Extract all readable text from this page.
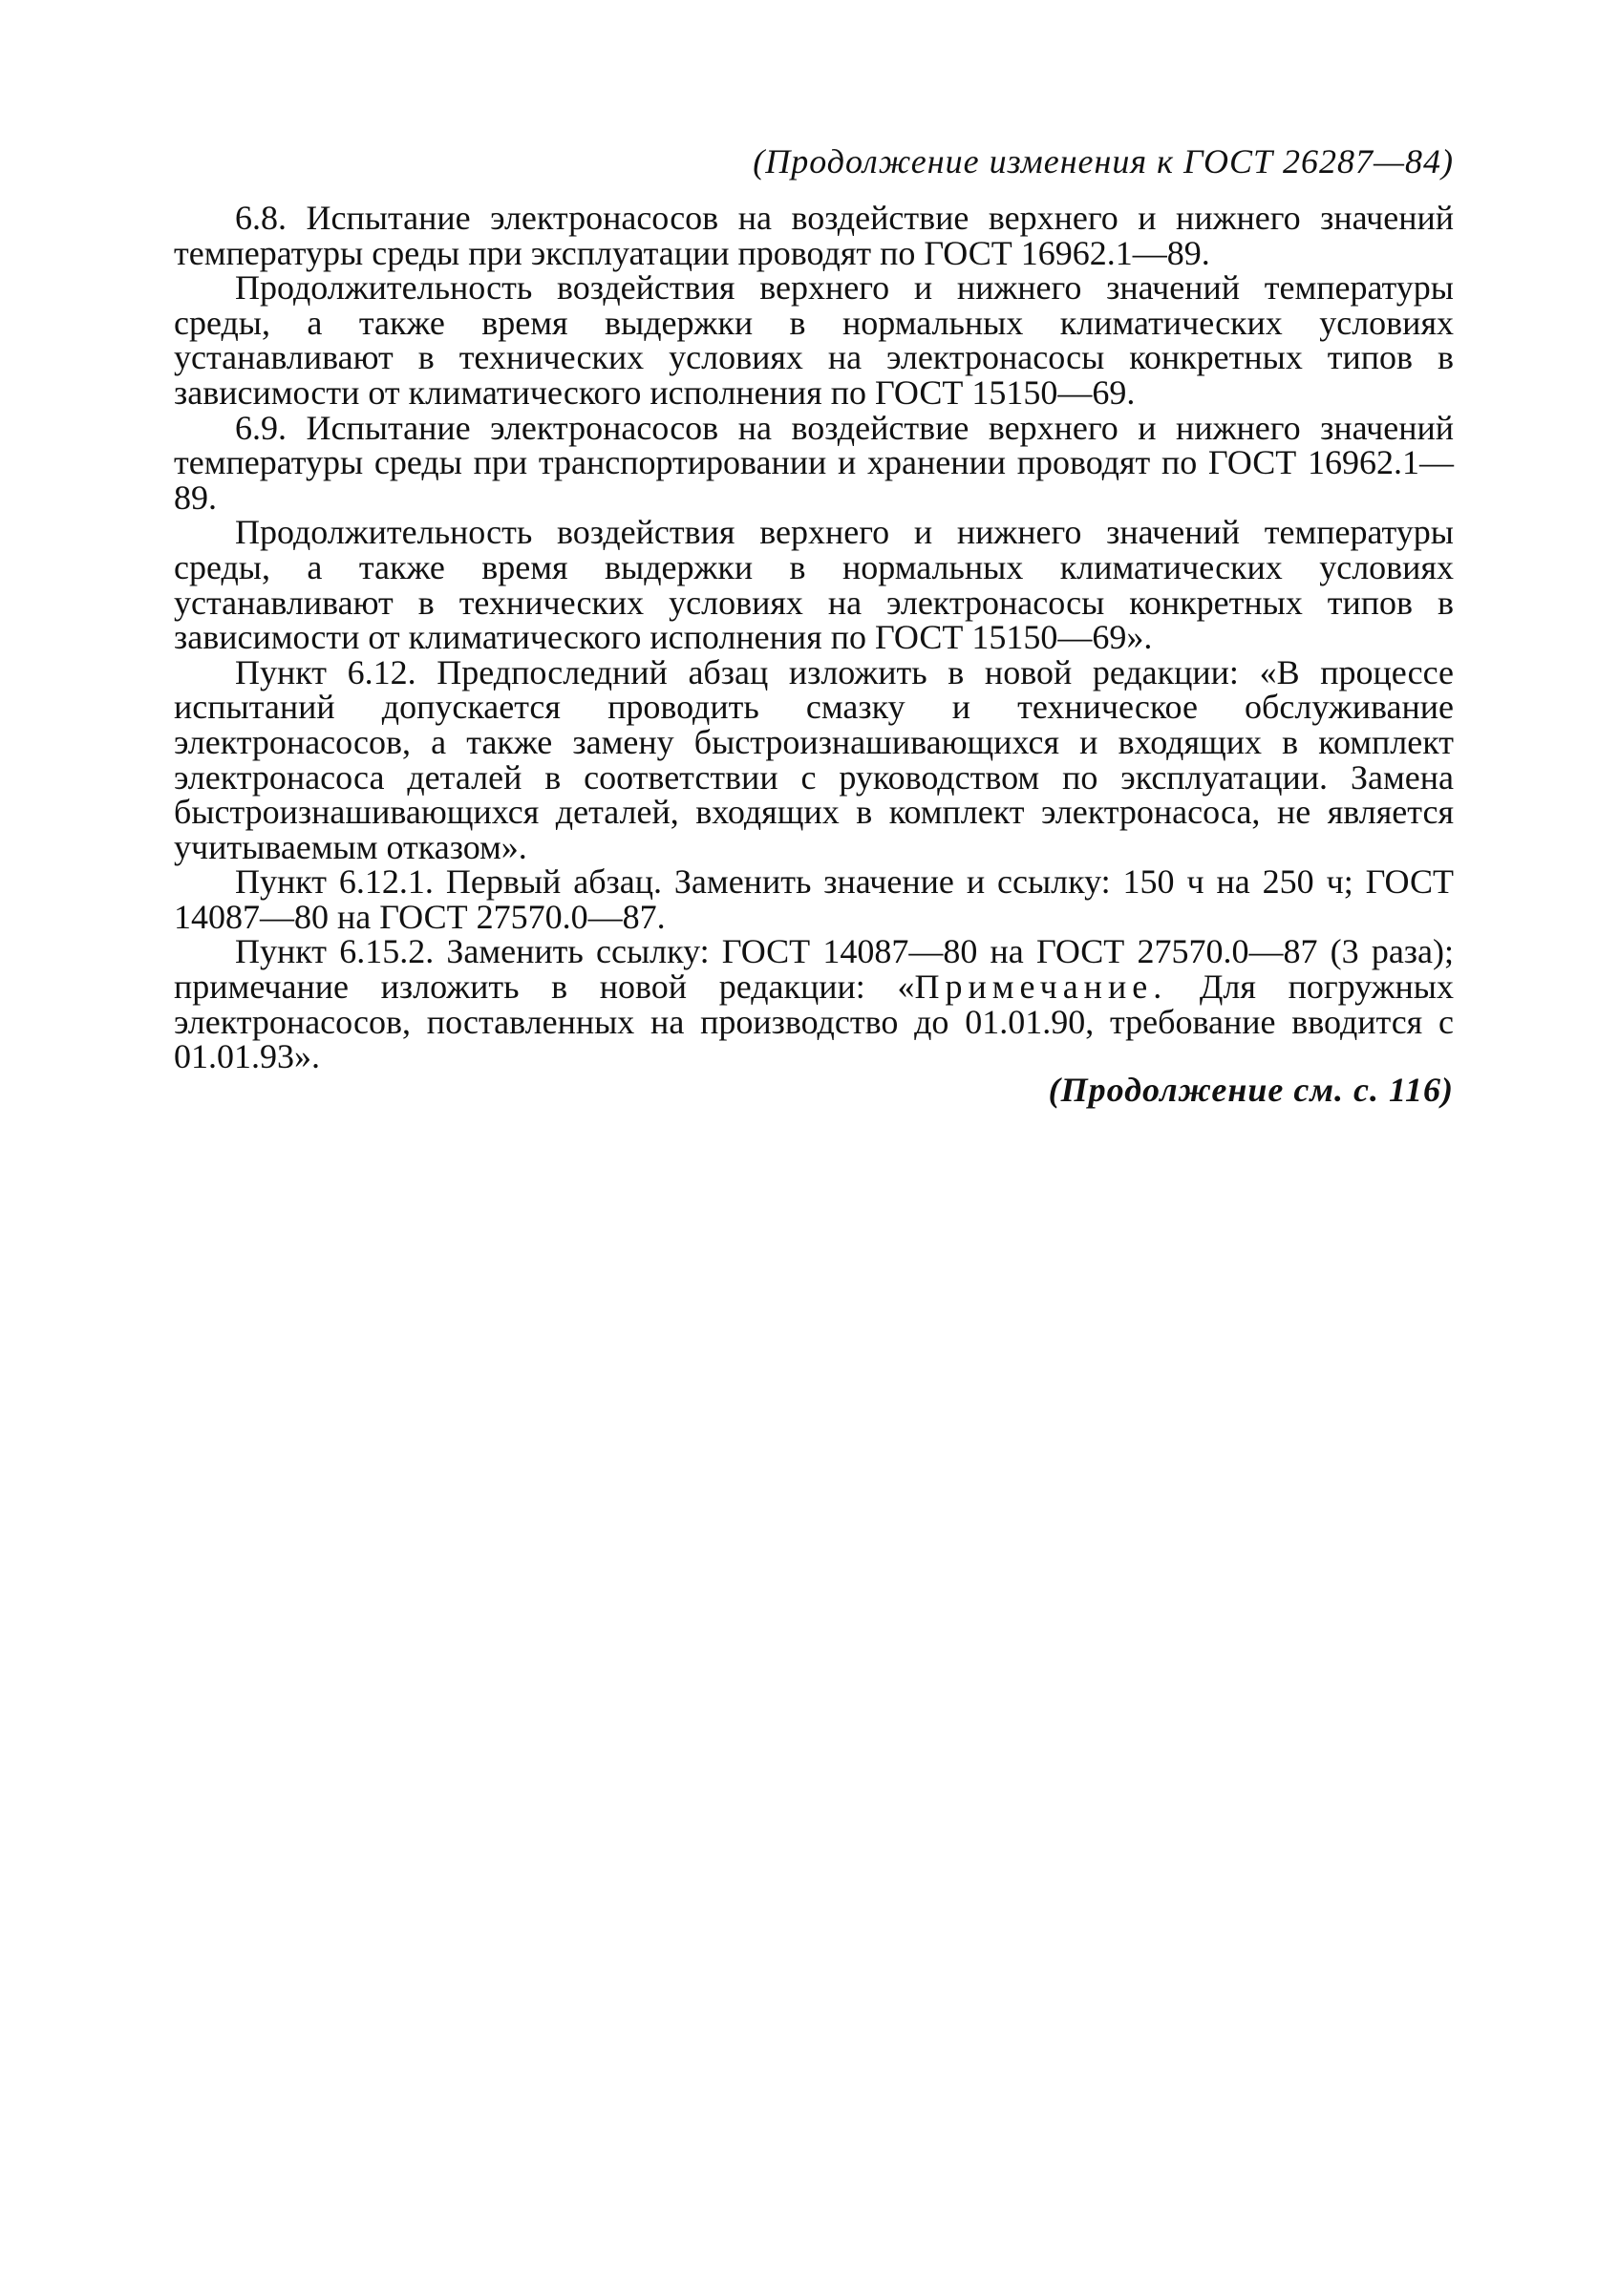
(Продолжение изменения к ГОСТ 26287—84)

6.8. Испытание электронасосов на воздействие верхнего и нижнего значений температуры среды при эксплуатации проводят по ГОСТ 16962.1—89.

Продолжительность воздействия верхнего и нижнего значений температуры среды, а также время выдержки в нормальных климатических условиях устанавливают в технических условиях на электронасосы конкретных типов в зависимости от климатического исполнения по ГОСТ 15150—69.

6.9. Испытание электронасосов на воздействие верхнего и нижнего значений температуры среды при транспортировании и хранении проводят по ГОСТ 16962.1—89.

Продолжительность воздействия верхнего и нижнего значений температуры среды, а также время выдержки в нормальных климатических условиях устанавливают в технических условиях на электронасосы конкретных типов в зависимости от климатического исполнения по ГОСТ 15150—69».

Пункт 6.12. Предпоследний абзац изложить в новой редакции: «В процессе испытаний допускается проводить смазку и техническое обслуживание электронасосов, а также замену быстроизнашивающихся и входящих в комплект электронасоса деталей в соответствии с руководством по эксплуатации. Замена быстроизнашивающихся деталей, входящих в комплект электронасоса, не является учитываемым отказом».

Пункт 6.12.1. Первый абзац. Заменить значение и ссылку: 150 ч на 250 ч; ГОСТ 14087—80 на ГОСТ 27570.0—87.

Пункт 6.15.2. Заменить ссылку: ГОСТ 14087—80 на ГОСТ 27570.0—87 (3 раза); примечание изложить в новой редакции: «Примечание. Для погружных электронасосов, поставленных на производство до 01.01.90, требование вводится с 01.01.93».

(Продолжение см. с. 116)
